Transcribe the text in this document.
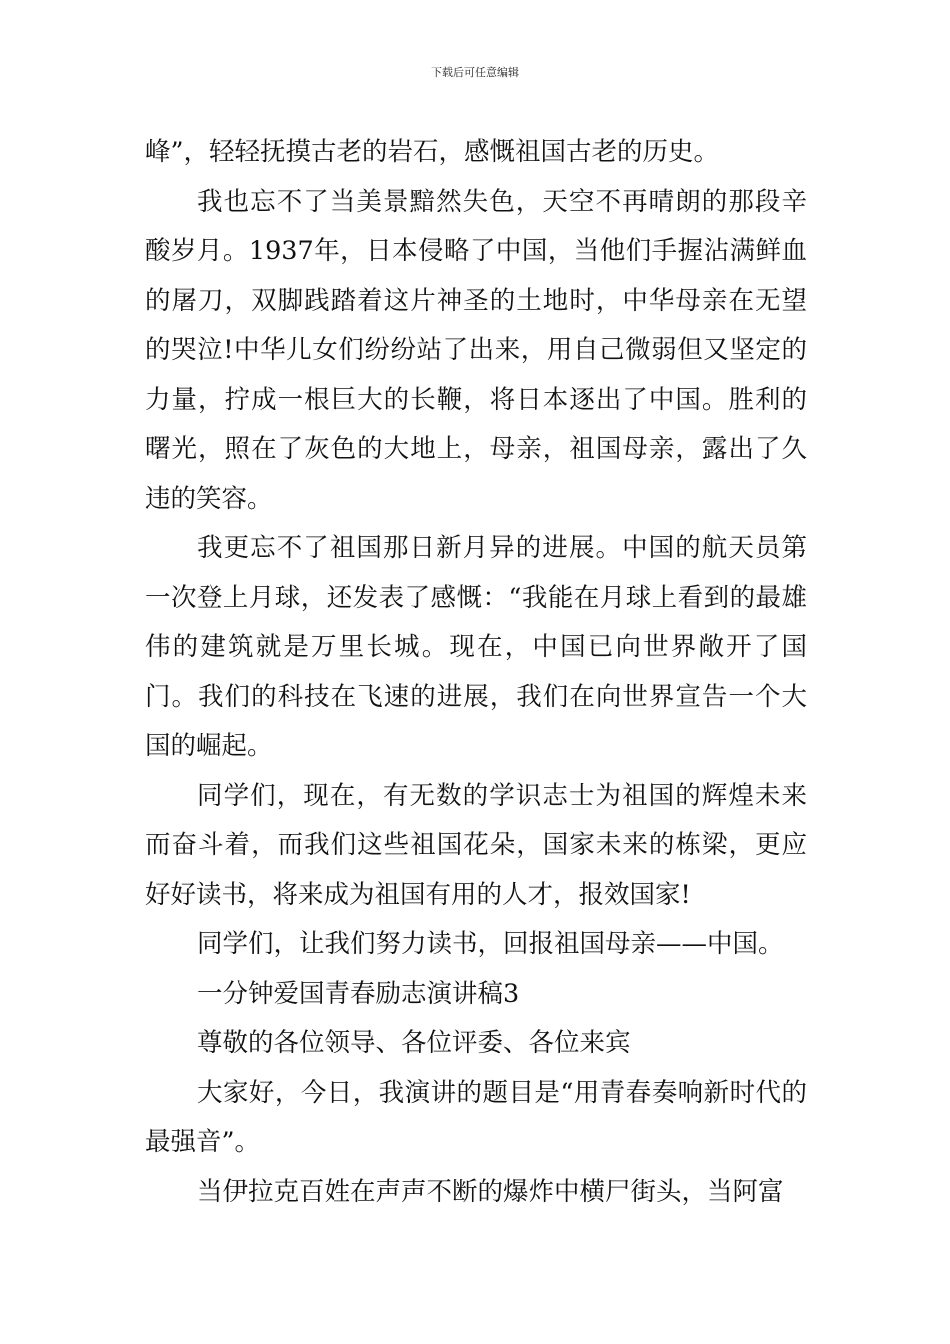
下载后可任意编辑

峰”，轻轻抚摸古老的岩石，感慨祖国古老的历史。

我也忘不了当美景黯然失色，天空不再晴朗的那段辛酸岁月。1937年，日本侵略了中国，当他们手握沾满鲜血的屠刀，双脚践踏着这片神圣的土地时，中华母亲在无望的哭泣!中华儿女们纷纷站了出来，用自己微弱但又坚定的力量，拧成一根巨大的长鞭，将日本逐出了中国。胜利的曙光，照在了灰色的大地上，母亲，祖国母亲，露出了久违的笑容。

我更忘不了祖国那日新月异的进展。中国的航天员第一次登上月球，还发表了感慨：“我能在月球上看到的最雄伟的建筑就是万里长城。现在，中国已向世界敞开了国门。我们的科技在飞速的进展，我们在向世界宣告一个大国的崛起。

同学们，现在，有无数的学识志士为祖国的辉煌未来而奋斗着，而我们这些祖国花朵，国家未来的栋梁，更应好好读书，将来成为祖国有用的人才，报效国家!

同学们，让我们努力读书，回报祖国母亲——中国。

一分钟爱国青春励志演讲稿3

尊敬的各位领导、各位评委、各位来宾

大家好，今日，我演讲的题目是“用青春奏响新时代的最强音”。

当伊拉克百姓在声声不断的爆炸中横尸街头，当阿富
